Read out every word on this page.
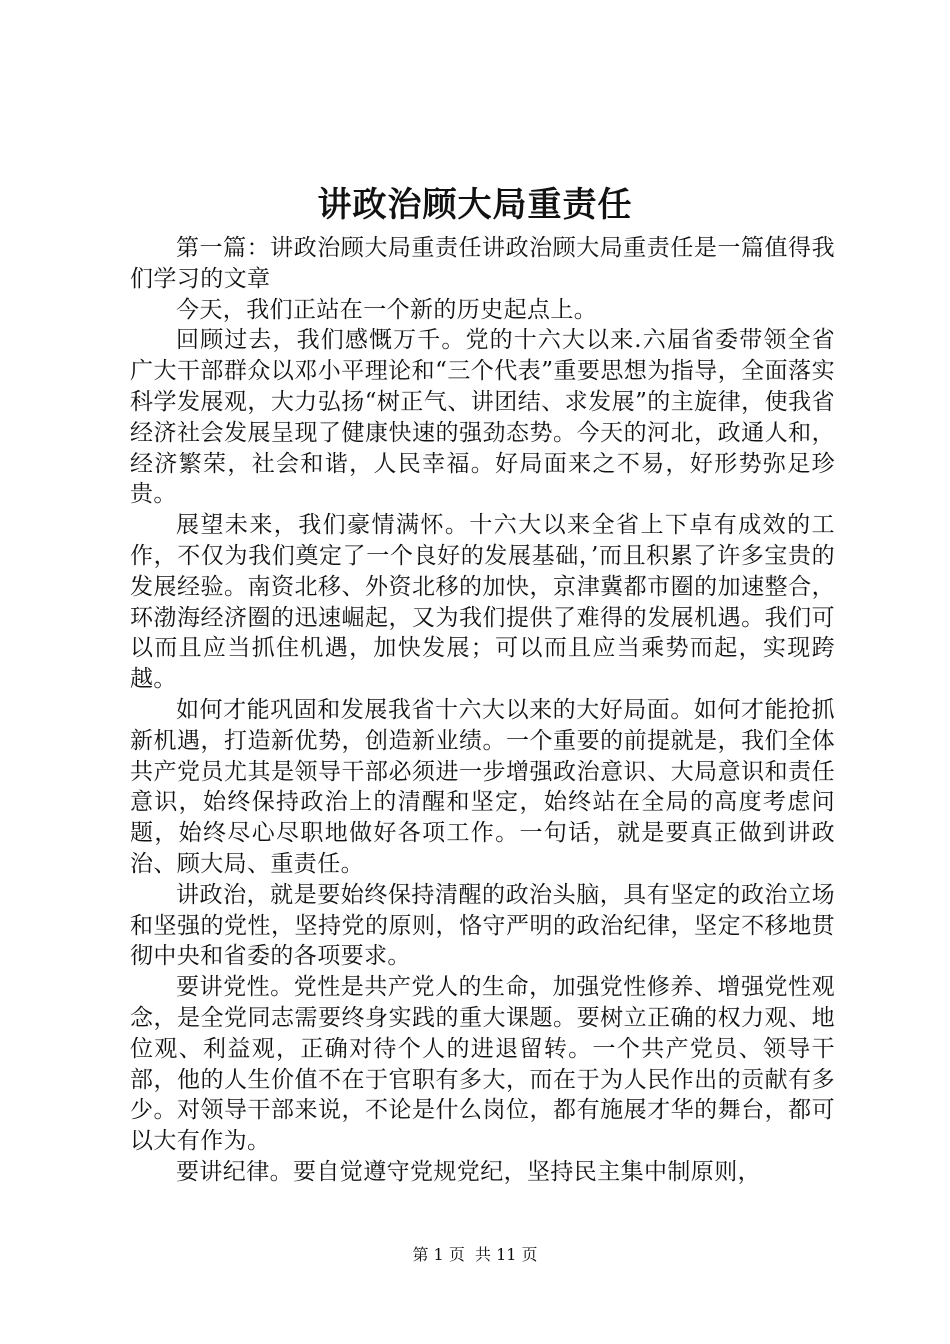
讲政治顾大局重责任

第一篇：讲政治顾大局重责任讲政治顾大局重责任是一篇值得我们学习的文章

今天，我们正站在一个新的历史起点上。

回顾过去，我们感慨万千。党的十六大以来.六届省委带领全省广大干部群众以邓小平理论和“三个代表”重要思想为指导，全面落实科学发展观，大力弘扬“树正气、讲团结、求发展”的主旋律，使我省经济社会发展呈现了健康快速的强劲态势。今天的河北，政通人和，经济繁荣，社会和谐，人民幸福。好局面来之不易，好形势弥足珍贵。

展望未来，我们豪情满怀。十六大以来全省上下卓有成效的工作，不仅为我们奠定了一个良好的发展基础，’而且积累了许多宝贵的发展经验。南资北移、外资北移的加快，京津冀都市圈的加速整合，环渤海经济圈的迅速崛起，又为我们提供了难得的发展机遇。我们可以而且应当抓住机遇，加快发展；可以而且应当乘势而起，实现跨越。

如何才能巩固和发展我省十六大以来的大好局面。如何才能抢抓新机遇，打造新优势，创造新业绩。一个重要的前提就是，我们全体共产党员尤其是领导干部必须进一步增强政治意识、大局意识和责任意识，始终保持政治上的清醒和坚定，始终站在全局的高度考虑问题，始终尽心尽职地做好各项工作。一句话，就是要真正做到讲政治、顾大局、重责任。

讲政治，就是要始终保持清醒的政治头脑，具有坚定的政治立场和坚强的党性，坚持党的原则，恪守严明的政治纪律，坚定不移地贯彻中央和省委的各项要求。

要讲党性。党性是共产党人的生命，加强党性修养、增强党性观念，是全党同志需要终身实践的重大课题。要树立正确的权力观、地位观、利益观，正确对待个人的进退留转。一个共产党员、领导干部，他的人生价值不在于官职有多大，而在于为人民作出的贡献有多少。对领导干部来说，不论是什么岗位，都有施展才华的舞台，都可以大有作为。

要讲纪律。要自觉遵守党规党纪，坚持民主集中制原则，

第 1 页  共 11 页
